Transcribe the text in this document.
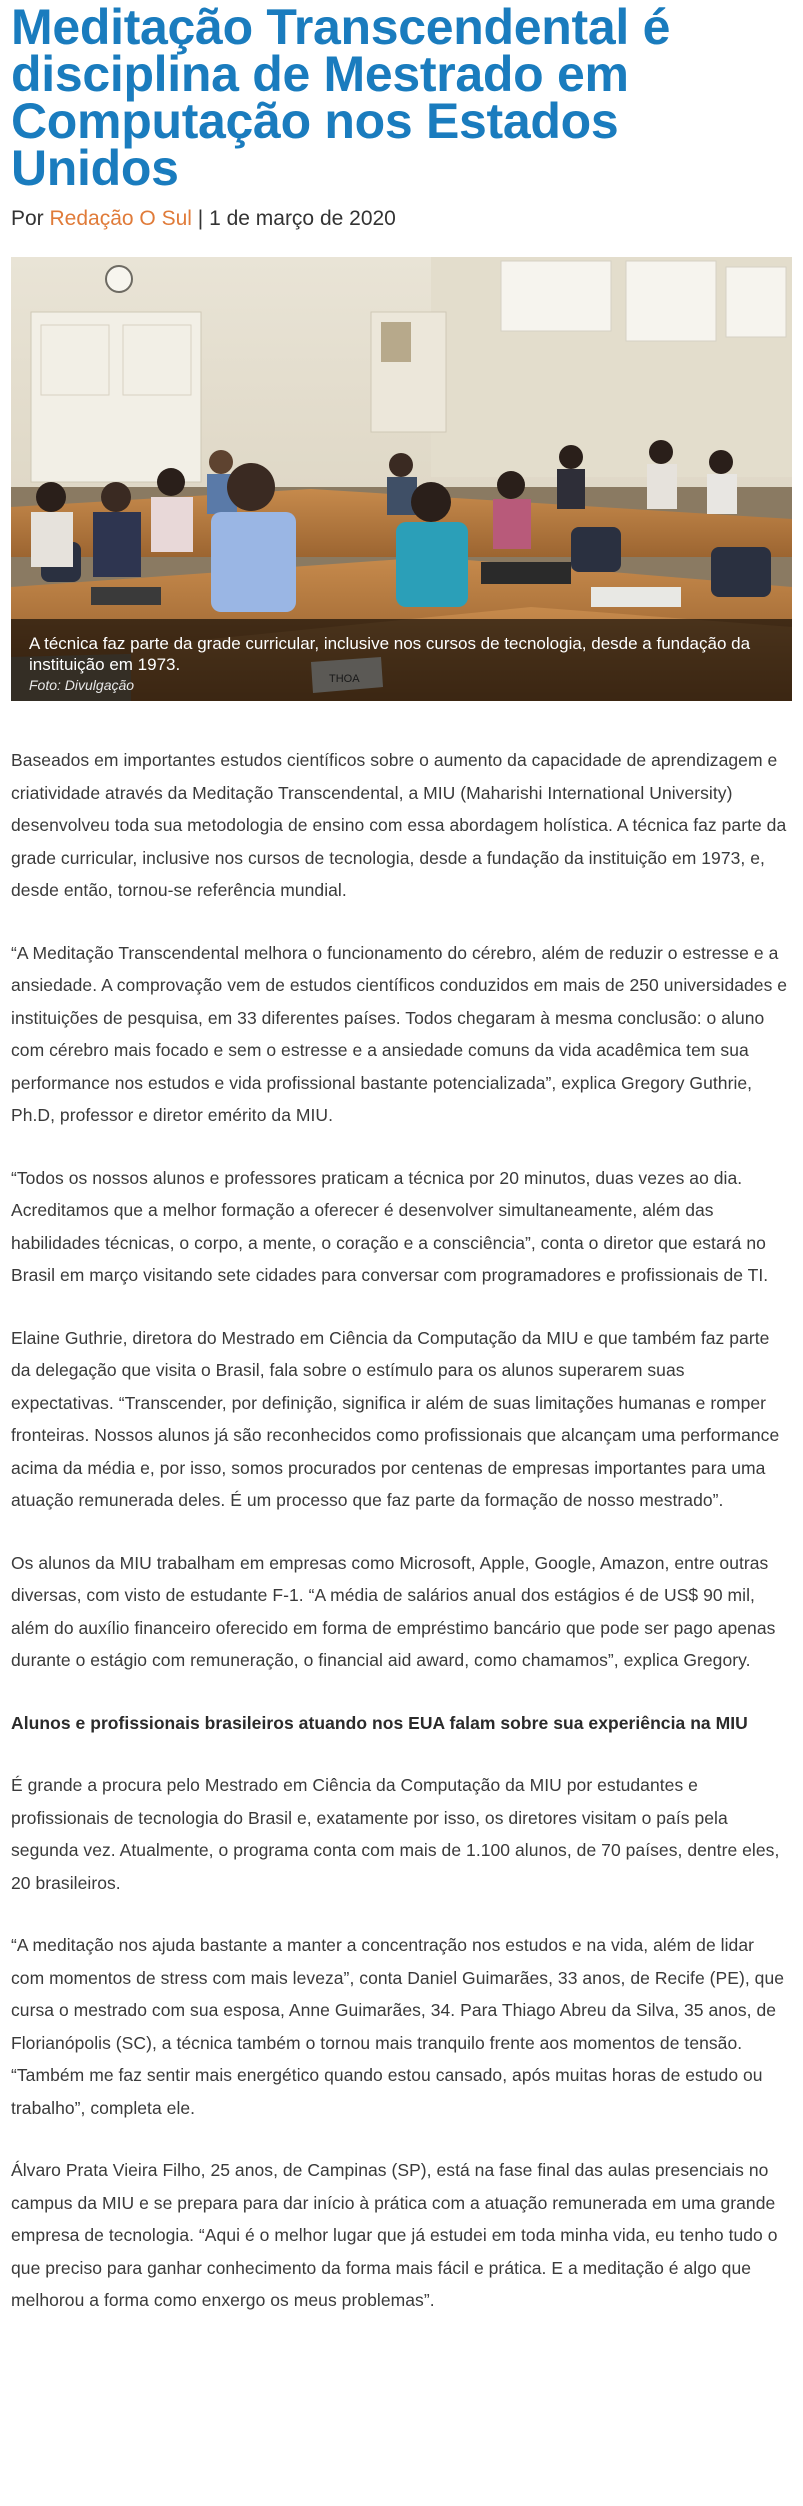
Meditação Transcendental é disciplina de Mestrado em Computação nos Estados Unidos
Por Redação O Sul | 1 de março de 2020
A técnica faz parte da grade curricular, inclusive nos cursos de tecnologia, desde a fundação da instituição em 1973.
Foto: Divulgação

Baseados em importantes estudos científicos sobre o aumento da capacidade de aprendizagem e criatividade através da Meditação Transcendental, a MIU (Maharishi International University) desenvolveu toda sua metodologia de ensino com essa abordagem holística. A técnica faz parte da grade curricular, inclusive nos cursos de tecnologia, desde a fundação da instituição em 1973, e, desde então, tornou-se referência mundial.

“A Meditação Transcendental melhora o funcionamento do cérebro, além de reduzir o estresse e a ansiedade. A comprovação vem de estudos científicos conduzidos em mais de 250 universidades e instituições de pesquisa, em 33 diferentes países. Todos chegaram à mesma conclusão: o aluno com cérebro mais focado e sem o estresse e a ansiedade comuns da vida acadêmica tem sua performance nos estudos e vida profissional bastante potencializada”, explica Gregory Guthrie, Ph.D, professor e diretor emérito da MIU.

“Todos os nossos alunos e professores praticam a técnica por 20 minutos, duas vezes ao dia. Acreditamos que a melhor formação a oferecer é desenvolver simultaneamente, além das habilidades técnicas, o corpo, a mente, o coração e a consciência”, conta o diretor que estará no Brasil em março visitando sete cidades para conversar com programadores e profissionais de TI.

Elaine Guthrie, diretora do Mestrado em Ciência da Computação da MIU e que também faz parte da delegação que visita o Brasil, fala sobre o estímulo para os alunos superarem suas expectativas. “Transcender, por definição, significa ir além de suas limitações humanas e romper fronteiras. Nossos alunos já são reconhecidos como profissionais que alcançam uma performance acima da média e, por isso, somos procurados por centenas de empresas importantes para uma atuação remunerada deles. É um processo que faz parte da formação de nosso mestrado”.

Os alunos da MIU trabalham em empresas como Microsoft, Apple, Google, Amazon, entre outras diversas, com visto de estudante F-1. “A média de salários anual dos estágios é de US$ 90 mil, além do auxílio financeiro oferecido em forma de empréstimo bancário que pode ser pago apenas durante o estágio com remuneração, o financial aid award, como chamamos”, explica Gregory.

Alunos e profissionais brasileiros atuando nos EUA falam sobre sua experiência na MIU

É grande a procura pelo Mestrado em Ciência da Computação da MIU por estudantes e profissionais de tecnologia do Brasil e, exatamente por isso, os diretores visitam o país pela segunda vez. Atualmente, o programa conta com mais de 1.100 alunos, de 70 países, dentre eles, 20 brasileiros.

“A meditação nos ajuda bastante a manter a concentração nos estudos e na vida, além de lidar com momentos de stress com mais leveza”, conta Daniel Guimarães, 33 anos, de Recife (PE), que cursa o mestrado com sua esposa, Anne Guimarães, 34. Para Thiago Abreu da Silva, 35 anos, de Florianópolis (SC), a técnica também o tornou mais tranquilo frente aos momentos de tensão. “Também me faz sentir mais energético quando estou cansado, após muitas horas de estudo ou trabalho”, completa ele.

Álvaro Prata Vieira Filho, 25 anos, de Campinas (SP), está na fase final das aulas presenciais no campus da MIU e se prepara para dar início à prática com a atuação remunerada em uma grande empresa de tecnologia. “Aqui é o melhor lugar que já estudei em toda minha vida, eu tenho tudo o que preciso para ganhar conhecimento da forma mais fácil e prática. E a meditação é algo que melhorou a forma como enxergo os meus problemas”.
